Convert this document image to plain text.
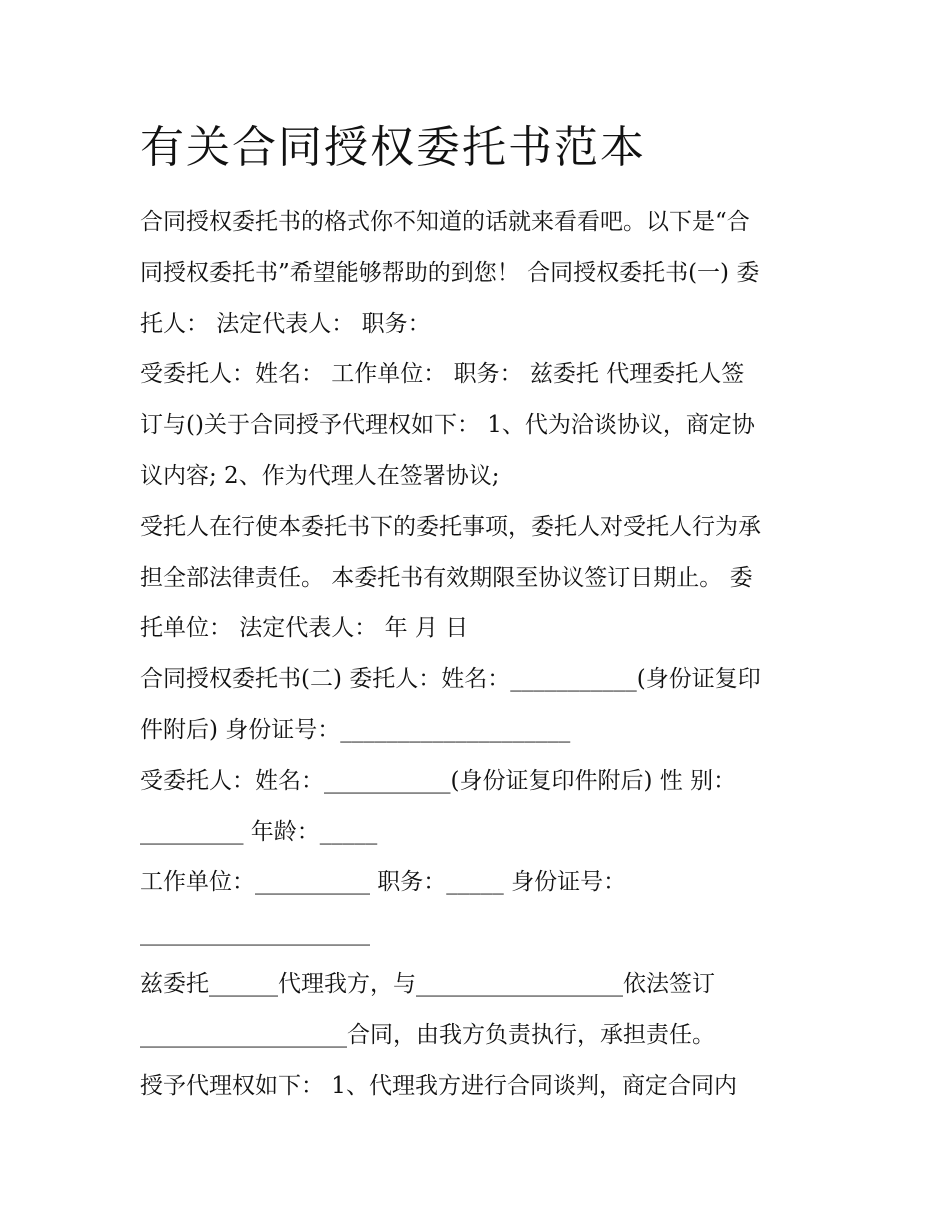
有关合同授权委托书范本
合同授权委托书的格式你不知道的话就来看看吧。以下是“合
同授权委托书”希望能够帮助的到您！ 合同授权委托书(一) 委
托人： 法定代表人： 职务：
受委托人：姓名： 工作单位： 职务： 兹委托 代理委托人签
订与()关于合同授予代理权如下： 1、代为洽谈协议，商定协
议内容; 2、作为代理人在签署协议;
受托人在行使本委托书下的委托事项，委托人对受托人行为承
担全部法律责任。 本委托书有效期限至协议签订日期止。 委
托单位： 法定代表人： 年 月 日
合同授权委托书(二) 委托人：姓名：___________(身份证复印
件附后) 身份证号：____________________
受委托人：姓名：___________(身份证复印件附后) 性 别：
_________ 年龄：_____
工作单位：__________ 职务：_____ 身份证号：
____________________
兹委托______代理我方，与__________________依法签订
__________________合同，由我方负责执行，承担责任。
授予代理权如下： 1、代理我方进行合同谈判，商定合同内
